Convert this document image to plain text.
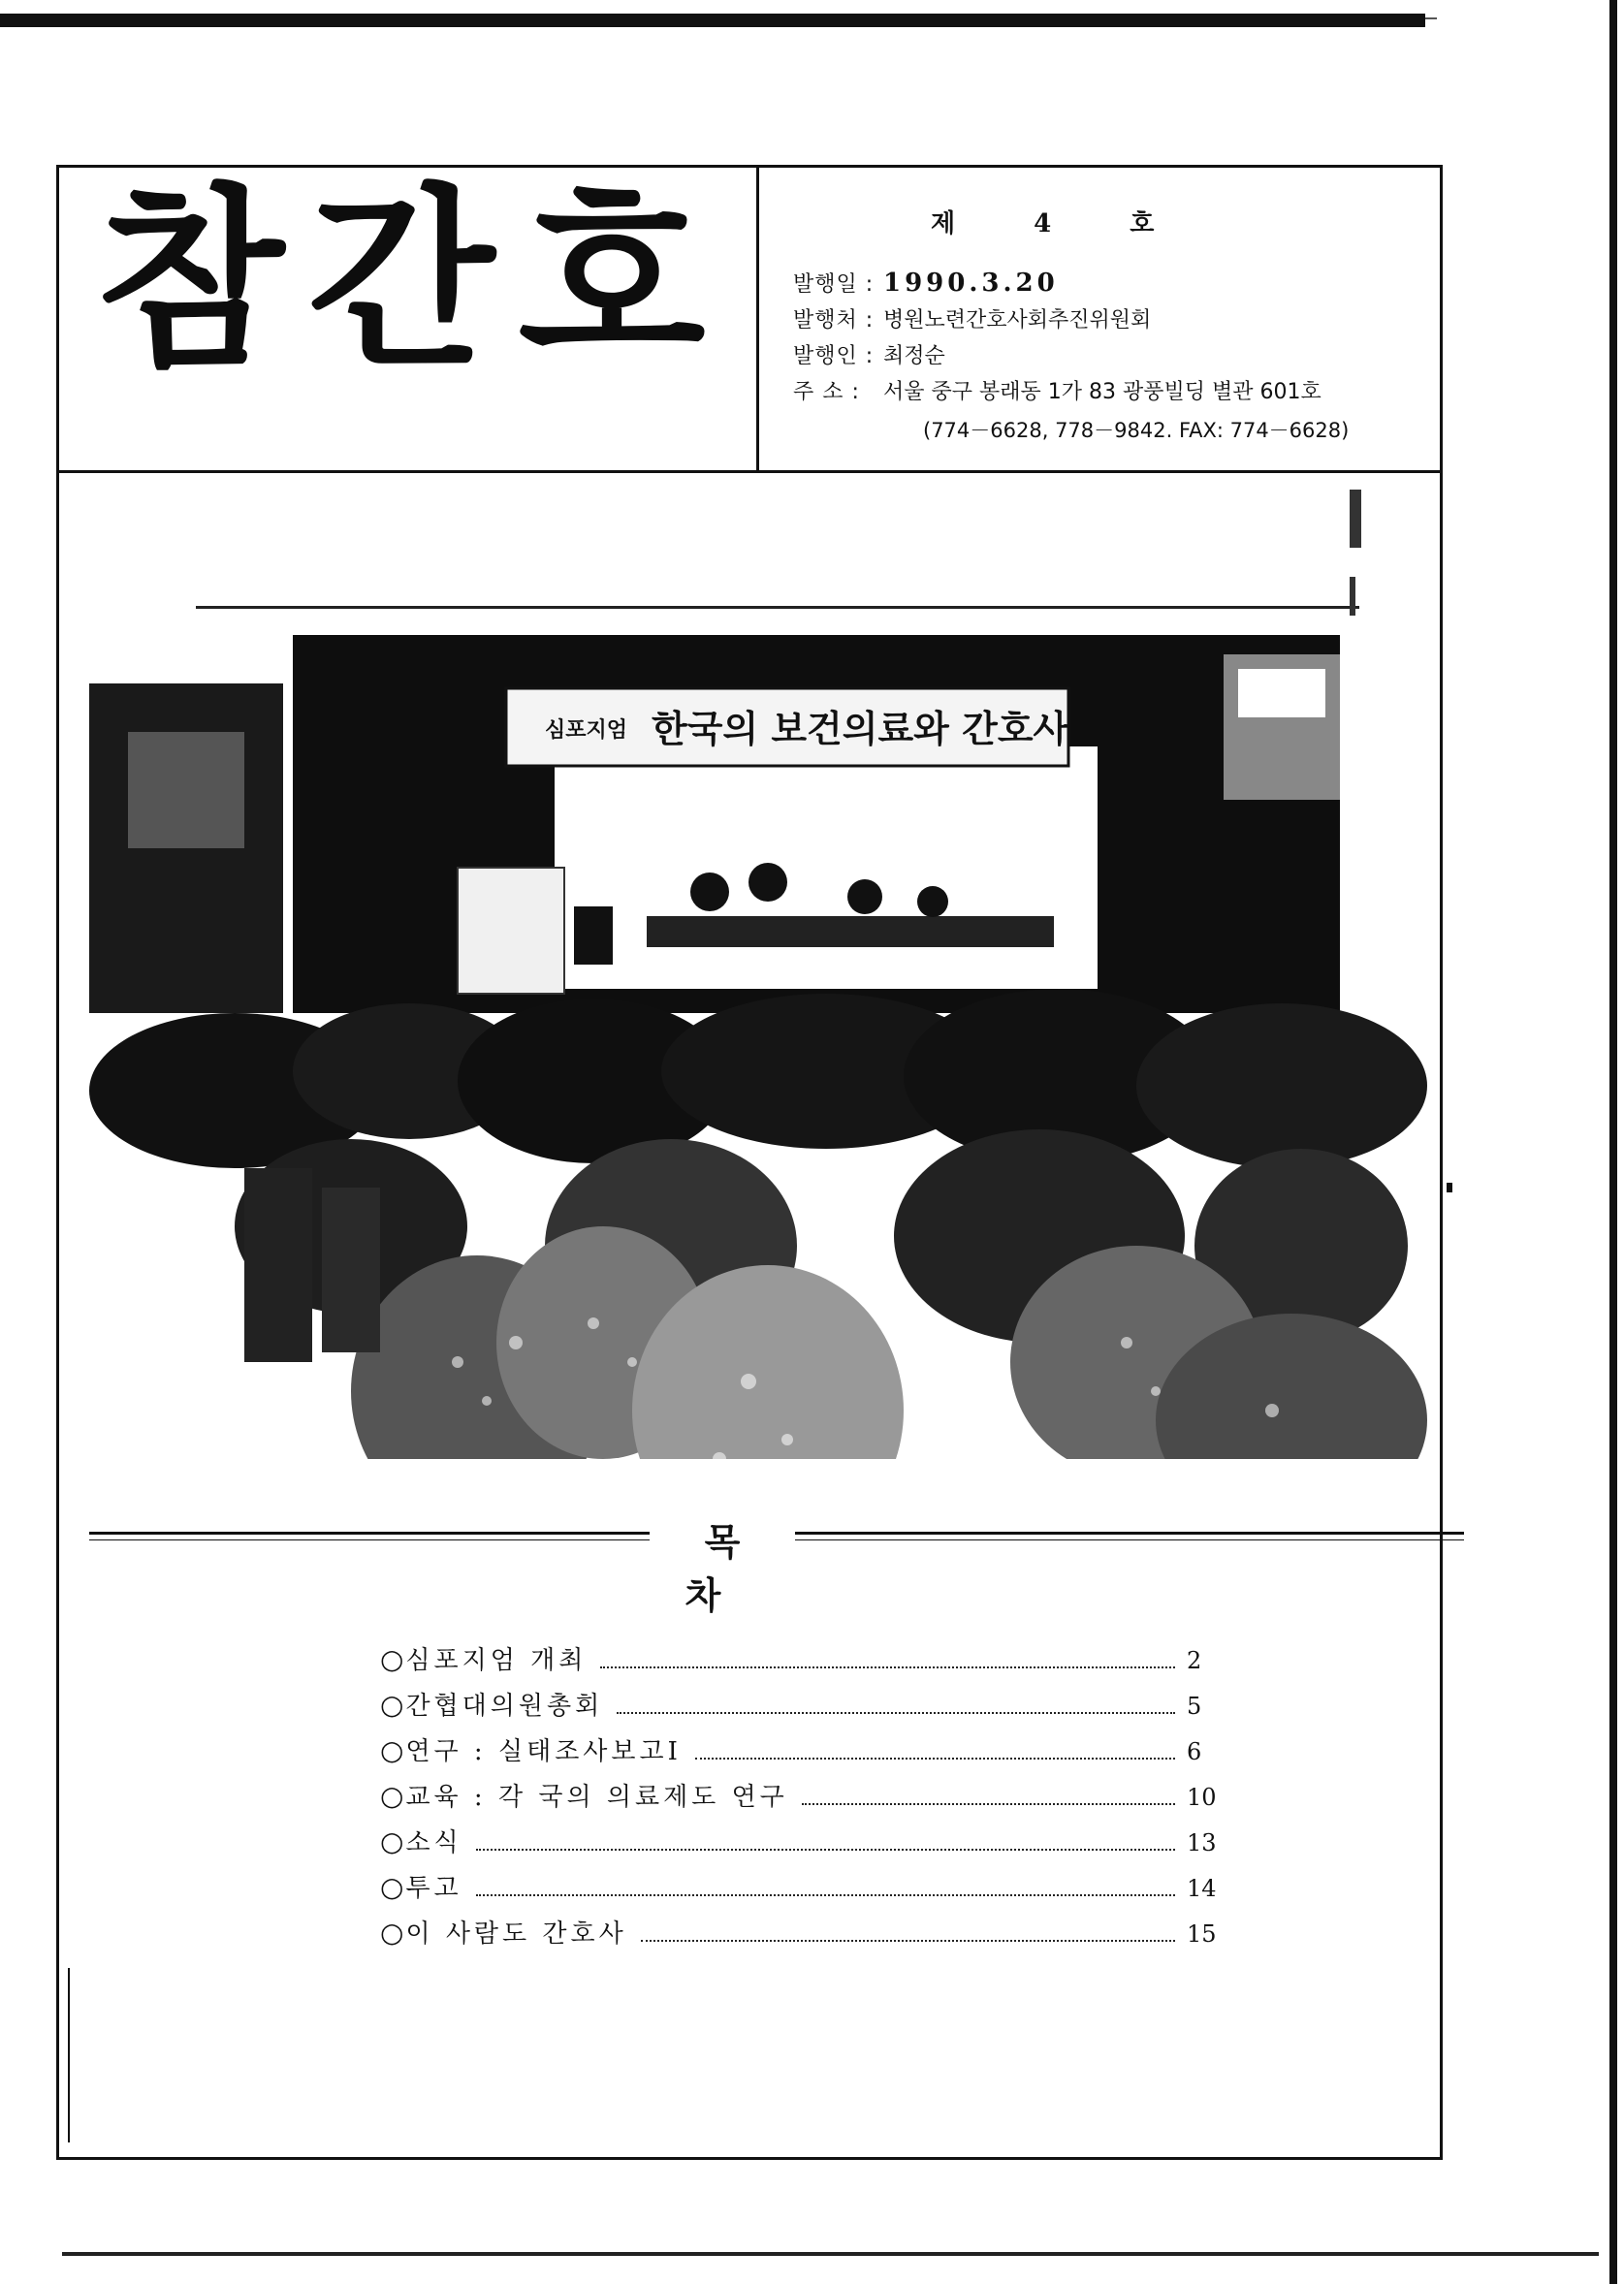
참간호	제 4 호
발행일 : 1990.3.20
발행처 : 병원노련간호사회추진위원회
발행인 : 최정순
주 소 : 서울 중구 봉래동 1가 83 광풍빌딩 별관 601호
(774－6628, 778－9842. FAX: 774－6628)
심포지엄 한국의 보건의료와 간호사
목 차
○ 심포지엄 개최	2
○ 간협대의원총회	5
○ 연구 : 실태조사보고Ⅰ	6
○ 교육 : 각 국의 의료제도 연구	10
○ 소식	13
○ 투고	14
○ 이 사람도 간호사	15
